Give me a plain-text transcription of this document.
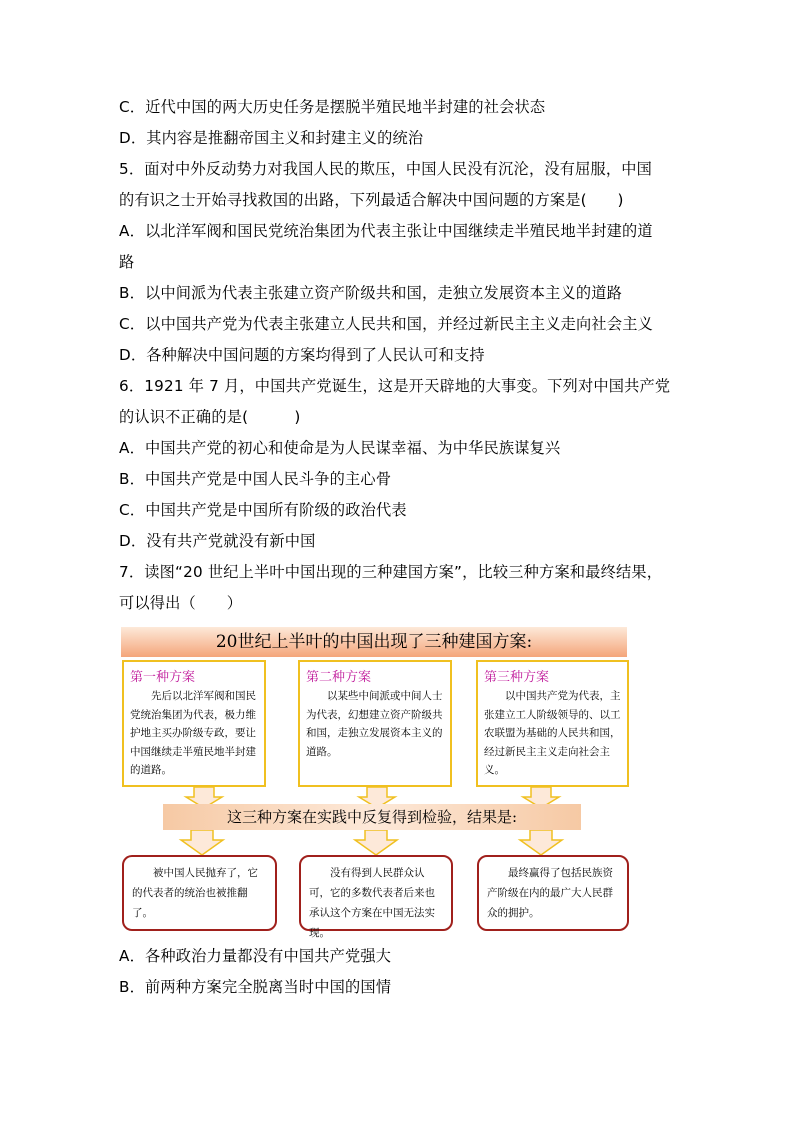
C．近代中国的两大历史任务是摆脱半殖民地半封建的社会状态
D．其内容是推翻帝国主义和封建主义的统治
5．面对中外反动势力对我国人民的欺压，中国人民没有沉沦，没有屈服，中国
的有识之士开始寻找救国的出路，下列最适合解决中国问题的方案是(　　)
A．以北洋军阀和国民党统治集团为代表主张让中国继续走半殖民地半封建的道
路
B．以中间派为代表主张建立资产阶级共和国，走独立发展资本主义的道路
C．以中国共产党为代表主张建立人民共和国，并经过新民主主义走向社会主义
D．各种解决中国问题的方案均得到了人民认可和支持
6．1921 年 7 月，中国共产党诞生，这是开天辟地的大事变。下列对中国共产党
的认识不正确的是(　　　)
A．中国共产党的初心和使命是为人民谋幸福、为中华民族谋复兴
B．中国共产党是中国人民斗争的主心骨
C．中国共产党是中国所有阶级的政治代表
D．没有共产党就没有新中国
7．读图“20 世纪上半叶中国出现的三种建国方案”，比较三种方案和最终结果，
可以得出（　　）
20世纪上半叶的中国出现了三种建国方案:
第一种方案
先后以北洋军阀和国民党统治集团为代表，极力维护地主买办阶级专政，要让中国继续走半殖民地半封建的道路。
第二种方案
以某些中间派或中间人士为代表，幻想建立资产阶级共和国，走独立发展资本主义的道路。
第三种方案
以中国共产党为代表，主张建立工人阶级领导的、以工农联盟为基础的人民共和国，经过新民主主义走向社会主义。
这三种方案在实践中反复得到检验，结果是:
被中国人民抛弃了，它的代表者的统治也被推翻了。
没有得到人民群众认可，它的多数代表者后来也承认这个方案在中国无法实现。
最终赢得了包括民族资产阶级在内的最广大人民群众的拥护。
A．各种政治力量都没有中国共产党强大
B．前两种方案完全脱离当时中国的国情
